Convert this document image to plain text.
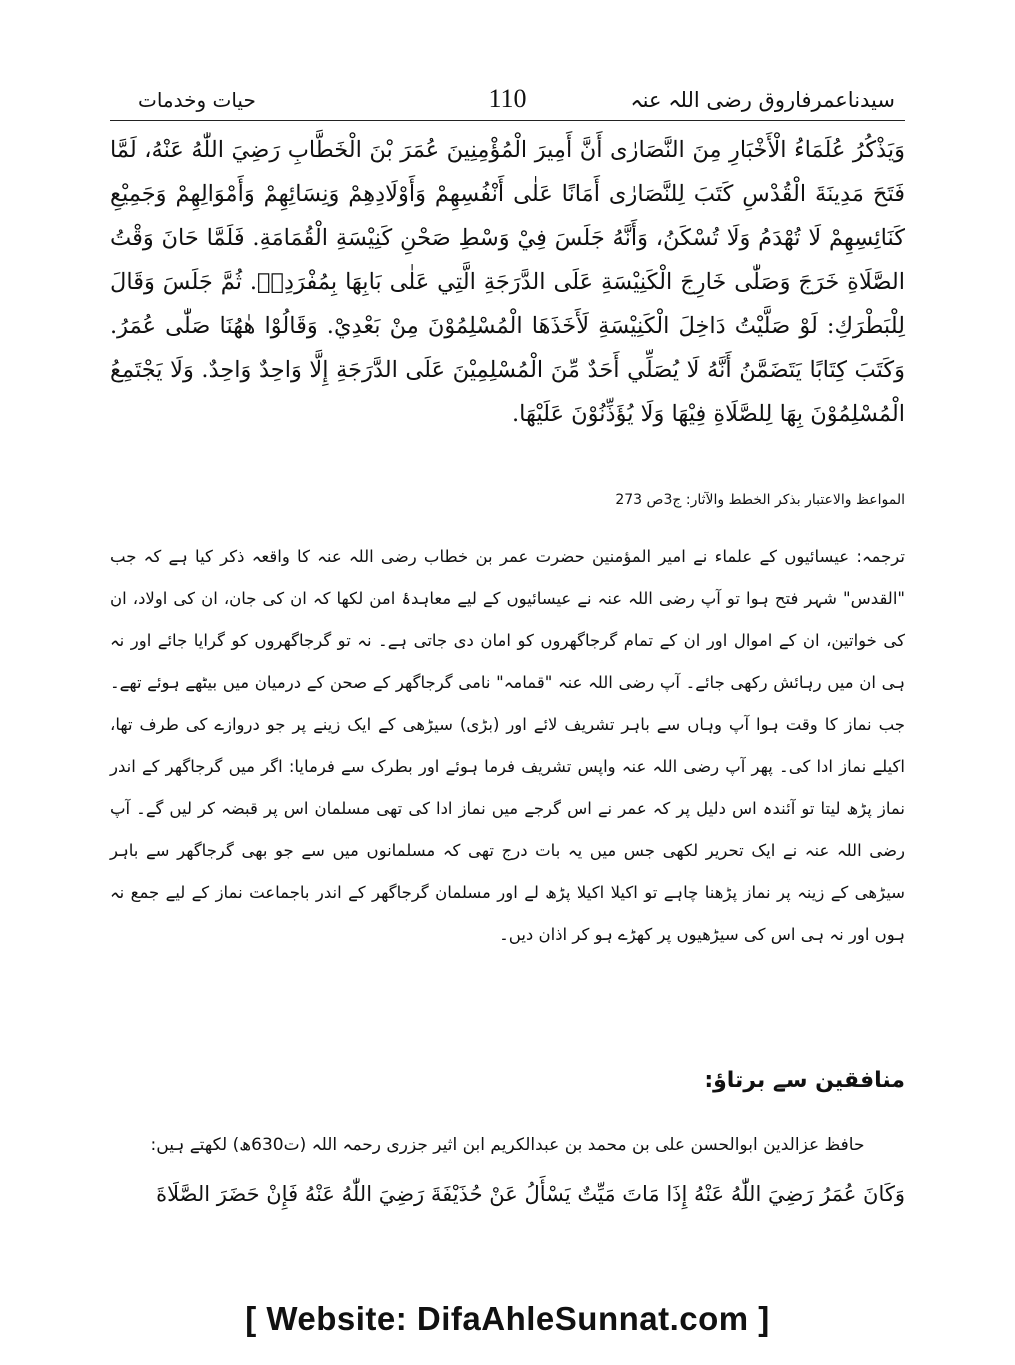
حیات وخدمات	110	سیدناعمرفاروق رضی اللہ عنہ
وَيَذْكُرُ عُلَمَاءُ الْأَخْبَارِ مِنَ النَّصَارٰى أَنَّ أَمِيرَ الْمُؤْمِنِينَ عُمَرَ بْنَ الْخَطَّابِ رَضِيَ اللّٰهُ عَنْهُ، لَمَّا فَتَحَ مَدِينَةَ الْقُدْسِ كَتَبَ لِلنَّصَارٰى أَمَانًا عَلٰى أَنْفُسِهِمْ وَأَوْلَادِهِمْ وَنِسَائِهِمْ وَأَمْوَالِهِمْ وَجَمِيْعِ كَنَائِسِهِمْ لَا تُهْدَمُ وَلَا تُسْكَنُ، وَأَنَّهُ جَلَسَ فِيْ وَسْطِ صَحْنِ كَنِيْسَةِ الْقُمَامَةِ. فَلَمَّا حَانَ وَقْتُ الصَّلَاةِ خَرَجَ وَصَلّٰى خَارِجَ الْكَنِيْسَةِ عَلَى الدَّرَجَةِ الَّتِي عَلٰى بَابِهَا بِمُفْرَدِهٖ. ثُمَّ جَلَسَ وَقَالَ لِلْبَطْرَكِ: لَوْ صَلَّيْتُ دَاخِلَ الْكَنِيْسَةِ لَأَخَذَهَا الْمُسْلِمُوْنَ مِنْ بَعْدِيْ. وَقَالُوْا هٰهُنَا صَلّٰى عُمَرُ. وَكَتَبَ كِتَابًا يَتَضَمَّنُ أَنَّهُ لَا يُصَلِّي أَحَدٌ مِّنَ الْمُسْلِمِيْنَ عَلَى الدَّرَجَةِ إِلَّا وَاحِدٌ وَاحِدٌ. وَلَا يَجْتَمِعُ الْمُسْلِمُوْنَ بِهَا لِلصَّلَاةِ فِيْهَا وَلَا يُؤَذِّنُوْنَ عَلَيْهَا.
المواعظ والاعتبار بذکر الخطط والآثار: ج3ص 273
ترجمہ: عیسائیوں کے علماء نے امیر المؤمنین حضرت عمر بن خطاب رضی اللہ عنہ کا واقعہ ذکر کیا ہے کہ جب "القدس" شہر فتح ہوا تو آپ رضی اللہ عنہ نے عیسائیوں کے لیے معاہدۂ امن لکھا کہ ان کی جان، ان کی اولاد، ان کی خواتین، ان کے اموال اور ان کے تمام گرجاگھروں کو امان دی جاتی ہے۔ نہ تو گرجاگھروں کو گرایا جائے اور نہ ہی ان میں رہائش رکھی جائے۔ آپ رضی اللہ عنہ "قمامہ" نامی گرجاگھر کے صحن کے درمیان میں بیٹھے ہوئے تھے۔ جب نماز کا وقت ہوا آپ وہاں سے باہر تشریف لائے اور (بڑی) سیڑھی کے ایک زینے پر جو دروازے کی طرف تھا، اکیلے نماز ادا کی۔ پھر آپ رضی اللہ عنہ واپس تشریف فرما ہوئے اور بطرک سے فرمایا: اگر میں گرجاگھر کے اندر نماز پڑھ لیتا تو آئندہ اس دلیل پر کہ عمر نے اس گرجے میں نماز ادا کی تھی مسلمان اس پر قبضہ کر لیں گے۔ آپ رضی اللہ عنہ نے ایک تحریر لکھی جس میں یہ بات درج تھی کہ مسلمانوں میں سے جو بھی گرجاگھر سے باہر سیڑھی کے زینہ پر نماز پڑھنا چاہے تو اکیلا اکیلا پڑھ لے اور مسلمان گرجاگھر کے اندر باجماعت نماز کے لیے جمع نہ ہوں اور نہ ہی اس کی سیڑھیوں پر کھڑے ہو کر اذان دیں۔
منافقین سے برتاؤ:
حافظ عزالدین ابوالحسن علی بن محمد بن عبدالکریم ابن اثیر جزری رحمہ اللہ (ت630ھ) لکھتے ہیں:
وَكَانَ عُمَرُ رَضِيَ اللّٰهُ عَنْهُ إِذَا مَاتَ مَيِّتٌ يَسْأَلُ عَنْ حُذَيْفَةَ رَضِيَ اللّٰهُ عَنْهُ فَإِنْ حَضَرَ الصَّلَاةَ
[ Website: DifaAhleSunnat.com ]
